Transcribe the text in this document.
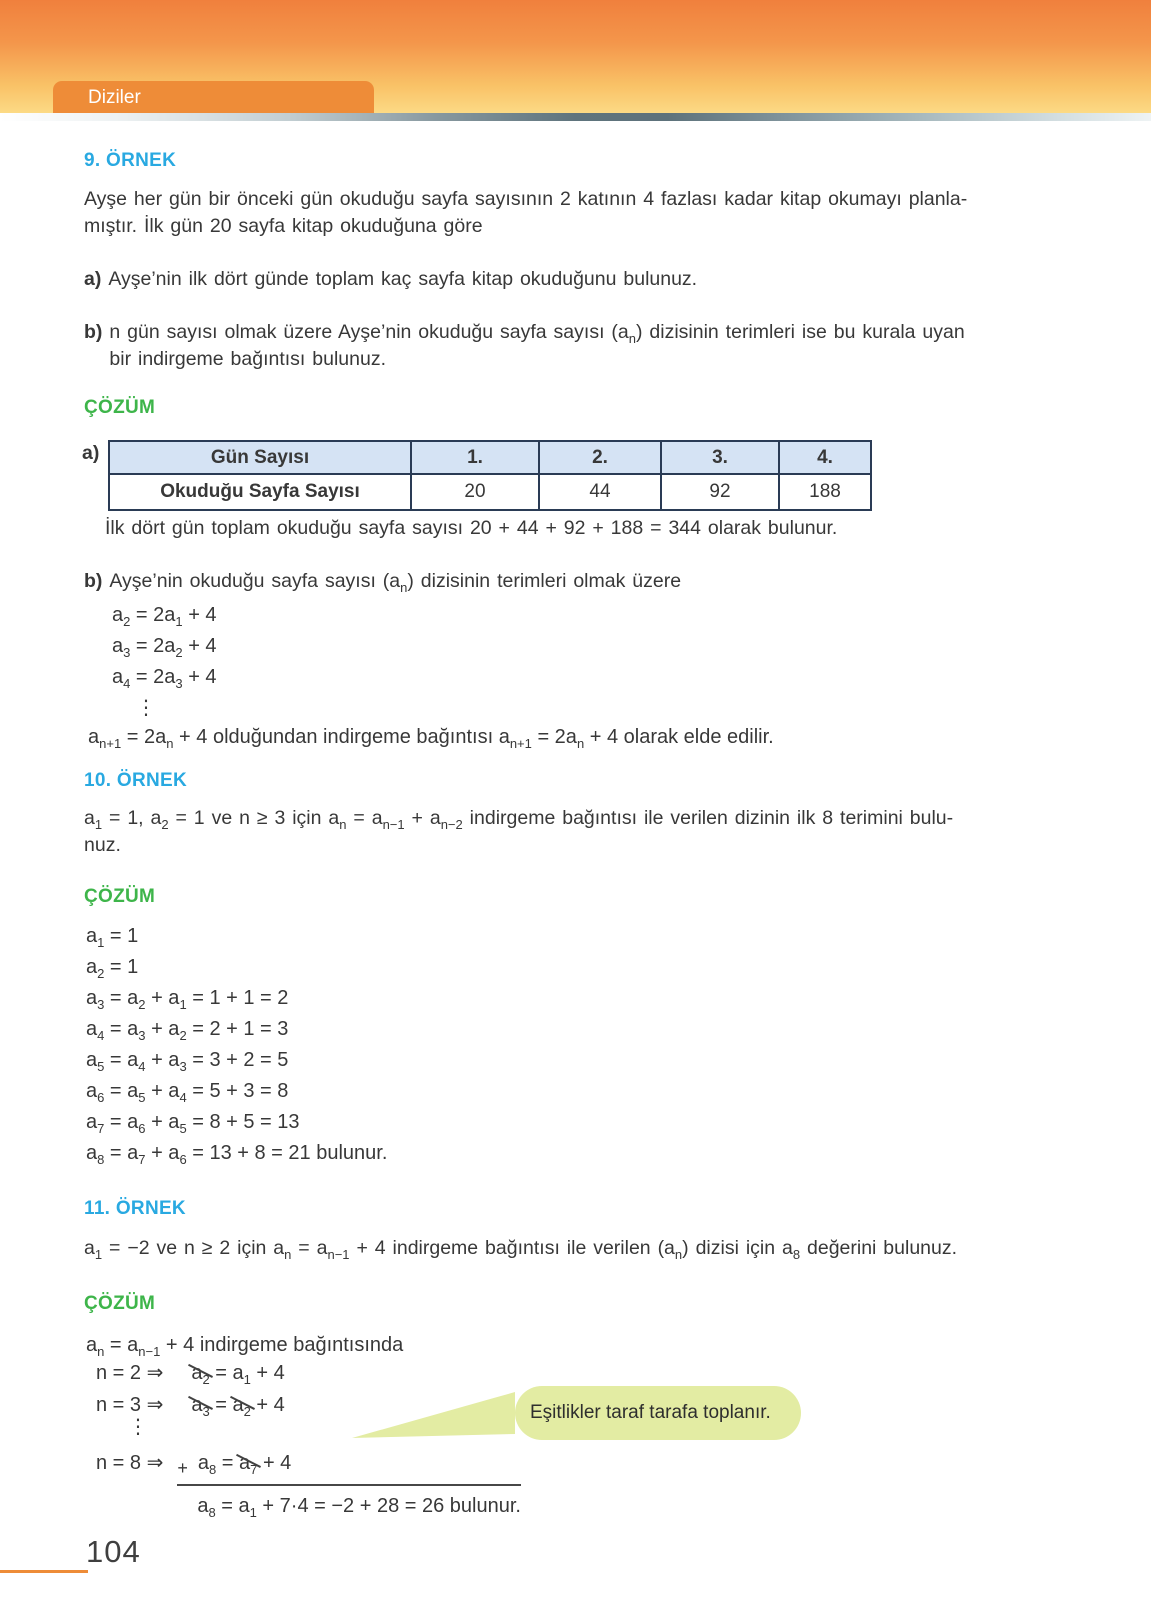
Diziler
9. ÖRNEK
Ayşe her gün bir önceki gün okuduğu sayfa sayısının 2 katının 4 fazlası kadar kitap okumayı planla-
mıştır. İlk gün 20 sayfa kitap okuduğuna göre
a) Ayşe’nin ilk dört günde toplam kaç sayfa kitap okuduğunu bulunuz.
b) n gün sayısı olmak üzere Ayşe’nin okuduğu sayfa sayısı $(a_n)$ dizisinin terimleri ise bu kurala uyan
bir indirgeme bağıntısı bulunuz.
ÇÖZÜM
a)	Gün Sayısı	1.	2.	3.	4.
Okuduğu Sayfa Sayısı	20	44	92	188
İlk dört gün toplam okuduğu sayfa sayısı 20 + 44 + 92 + 188 = 344 olarak bulunur.
b) Ayşe’nin okuduğu sayfa sayısı $(a_n)$ dizisinin terimleri olmak üzere
$a_2 = 2a_1 + 4$
$a_3 = 2a_2 + 4$
$a_4 = 2a_3 + 4$
⋮
$a_{n+1} = 2a_n + 4$ olduğundan indirgeme bağıntısı $a_{n+1} = 2a_n + 4$ olarak elde edilir.
10. ÖRNEK
$a_1 = 1$, $a_2 = 1$ ve n ≥ 3 için $a_n = a_{n-1} + a_{n-2}$ indirgeme bağıntısı ile verilen dizinin ilk 8 terimini bulu-
nuz.
ÇÖZÜM
$a_1 = 1$
$a_2 = 1$
$a_3 = a_2 + a_1 = 1 + 1 = 2$
$a_4 = a_3 + a_2 = 2 + 1 = 3$
$a_5 = a_4 + a_3 = 3 + 2 = 5$
$a_6 = a_5 + a_4 = 5 + 3 = 8$
$a_7 = a_6 + a_5 = 8 + 5 = 13$
$a_8 = a_7 + a_6 = 13 + 8 = 21$ bulunur.
11. ÖRNEK
$a_1 = -2$ ve n ≥ 2 için $a_n = a_{n-1} + 4$ indirgeme bağıntısı ile verilen $(a_n)$ dizisi için $a_8$ değerini bulunuz.
ÇÖZÜM
$a_n = a_{n-1} + 4$ indirgeme bağıntısında
n = 2 ⇒ $a_2 = a_1 + 4$
n = 3 ⇒ $a_3 = a_2 + 4$
⋮
n = 8 ⇒ + $a_8 = a_7 + 4$
$a_8 = a_1 + 7\cdot 4 = -2 + 28 = 26$ bulunur.
Eşitlikler taraf tarafa toplanır.
104
